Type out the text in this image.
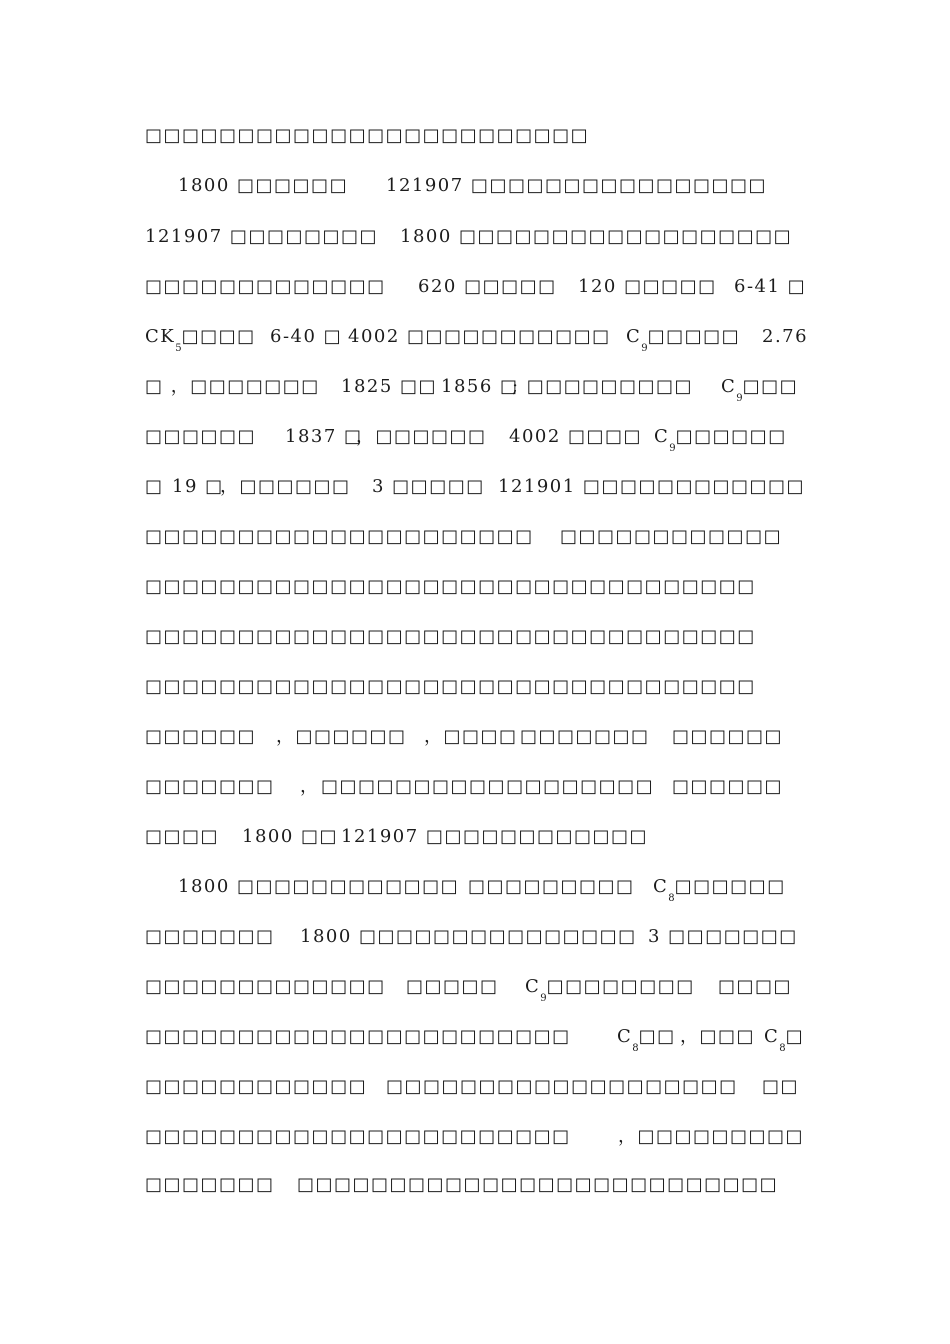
□□□□□□□□□□□□□□□□□□□□□□□□
1800 □□□□□□ 121907 □□□□□□□□□□□□□□□□
121907 □□□□□□□□ 1800 □□□□□□□□□□□□□□□□□□
□□□□□□□□□□□□□ 620 □□□□□ 120 □□□□□ 6-41 □
$CK_5□□□□$ 6-40 □ 4002 □□□□□□□□□□□ $C_9□□□□□$ 2.76
□ ，□□□□□□□ 1825 □□ 1856 □
; □□□ □□□□□□ $C_9□□□$
□□□□□□ 1837 □
，□□□□□□ 4002 □□□□ $C_9□□□□□□$
□ 19 □
，□□□□□□ 3 □□□□□ 121901 □□□□□□□□□□□□
□□□□□□□□□□□□□□□□□□□□□ □□□□□□□□□□□□
□□□□□□□□□□□□□□□□□□□□□□□□□□□□□□□□□
□□□□□□□□□□□□□□□□□□□□□□□□□□□□□□□□□
□□□□□□□□□□□□□□□□□□□□□□□□□□□□□□□□□
□□□□□□ ，□□□□□□ ，□□□□ □□□□□□□ □□□□□□
□□□□□□□ ， □□□□□□□□□□□□□□□□□□ □□□□□□
□□□□ 1800 □□ 121907 □□□□□□□□□□□□
1800 □□□□□□□□□□□□ □□□□□□□□□ $C_8□□□□□□$
□□□□□□□ 1800 □□□□□□□□□□□□□□□ 3 □□□□□□□
□□□□□□□□□□□□□ □□□□□ $C_9□□□□□□□□$ □□□□
□□□□□□□□□□□□□□□□□□□□□□□	$C_8□□$ ，□□□ $C_8□$
□□□□□□□□□□□□ □□□□□□□□□□□□□□□□□□□ □□
□□□□□□□□□□□□□□□□□□□□□□□	，□□□□□□□□□
□□□□□□□ □□□□□□□□□□□□□□□□□□□□□□□□□□
